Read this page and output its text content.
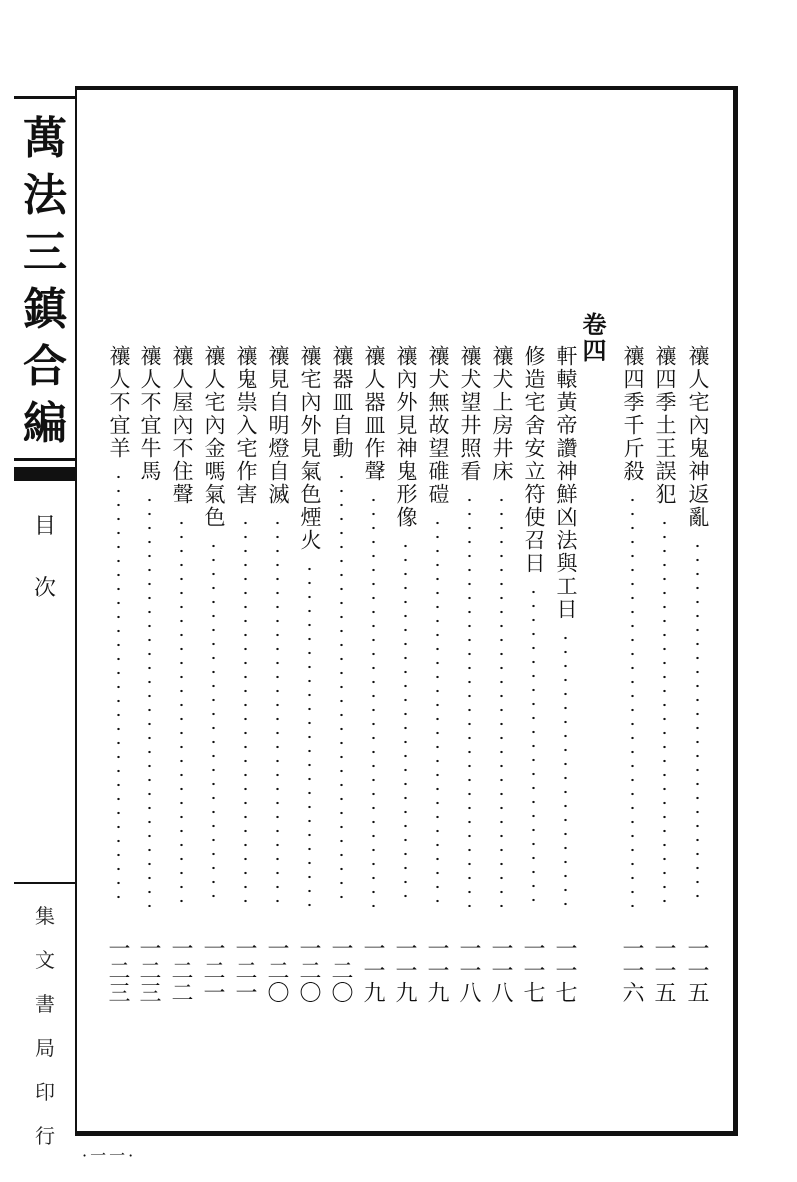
萬
法
三
鎮
合
編
目
次
集
文
書
局
印
行
卷四
禳人宅內鬼神返亂
一一五
禳四季土王誤犯
一一五
禳四季千斤殺
一一六
軒轅黃帝讚神鮮凶法與工日
一一七
修造宅舍安立符使召日
一一七
禳犬上房井床
一一八
禳犬望井照看
一一八
禳犬無故望碓磑
一一九
禳內外見神鬼形像
一一九
禳人器皿作聲
一一九
禳器皿自動
一二〇
禳宅內外見氣色煙火
一二〇
禳見自明燈自滅
一二〇
禳鬼祟入宅作害
一二一
禳人宅內金嗎氣色
一二一
禳人屋內不住聲
一二二
禳人不宜牛馬
一二三
禳人不宜羊
一二三
·一一·
